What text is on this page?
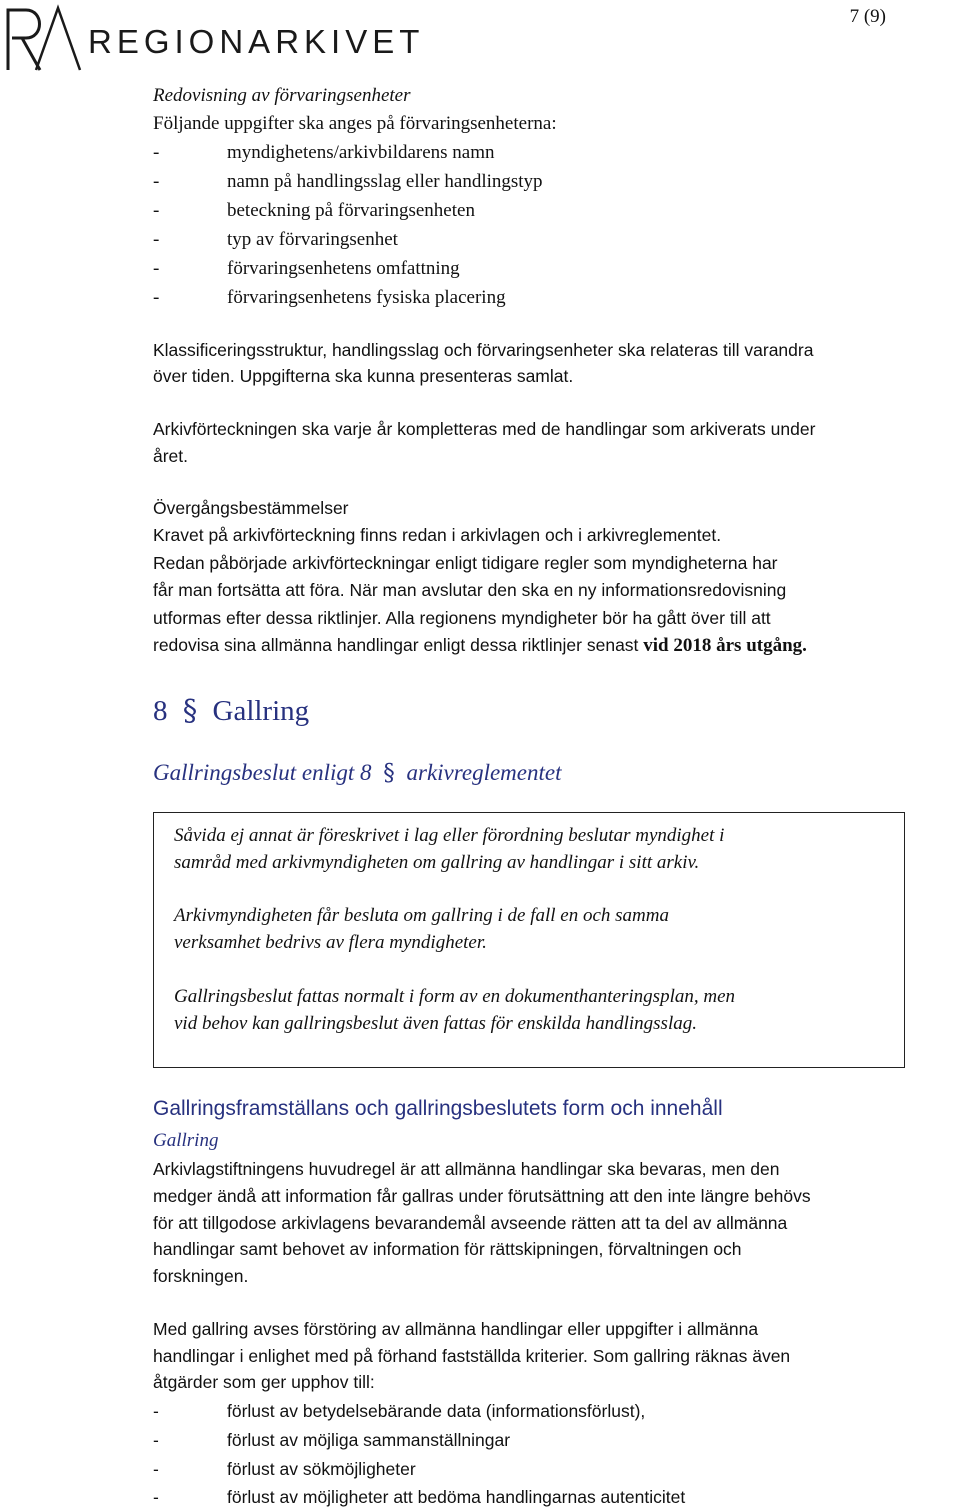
REGIONARKIVET
7 (9)
Redovisning av förvaringsenheter
Följande uppgifter ska anges på förvaringsenheterna:
-	myndighetens/arkivbildarens namn
-	namn på handlingsslag eller handlingstyp
-	beteckning på förvaringsenheten
-	typ av förvaringsenhet
-	förvaringsenhetens omfattning
-	förvaringsenhetens fysiska placering
Klassificeringsstruktur, handlingsslag och förvaringsenheter ska relateras till varandra
över tiden. Uppgifterna ska kunna presenteras samlat.
Arkivförteckningen ska varje år kompletteras med de handlingar som arkiverats under
året.
Övergångsbestämmelser
Kravet på arkivförteckning finns redan i arkivlagen och i arkivreglementet.
Redan påbörjade arkivförteckningar enligt tidigare regler som myndigheterna har
får man fortsätta att föra. När man avslutar den ska en ny informationsredovisning
utformas efter dessa riktlinjer. Alla regionens myndigheter bör ha gått över till att
redovisa sina allmänna handlingar enligt dessa riktlinjer senast vid 2018 års utgång.
8 § Gallring
Gallringsbeslut enligt 8 § arkivreglementet
Såvida ej annat är föreskrivet i lag eller förordning beslutar myndighet i
samråd med arkivmyndigheten om gallring av handlingar i sitt arkiv.
Arkivmyndigheten får besluta om gallring i de fall en och samma
verksamhet bedrivs av flera myndigheter.
Gallringsbeslut fattas normalt i form av en dokumenthanteringsplan, men
vid behov kan gallringsbeslut även fattas för enskilda handlingsslag.
Gallringsframställans och gallringsbeslutets form och innehåll
Gallring
Arkivlagstiftningens huvudregel är att allmänna handlingar ska bevaras, men den
medger ändå att information får gallras under förutsättning att den inte längre behövs
för att tillgodose arkivlagens bevarandemål avseende rätten att ta del av allmänna
handlingar samt behovet av information för rättskipningen, förvaltningen och
forskningen.
Med gallring avses förstöring av allmänna handlingar eller uppgifter i allmänna
handlingar i enlighet med på förhand fastställda kriterier. Som gallring räknas även
åtgärder som ger upphov till:
-	förlust av betydelsebärande data (informationsförlust),
-	förlust av möjliga sammanställningar
-	förlust av sökmöjligheter
-	förlust av möjligheter att bedöma handlingarnas autenticitet
